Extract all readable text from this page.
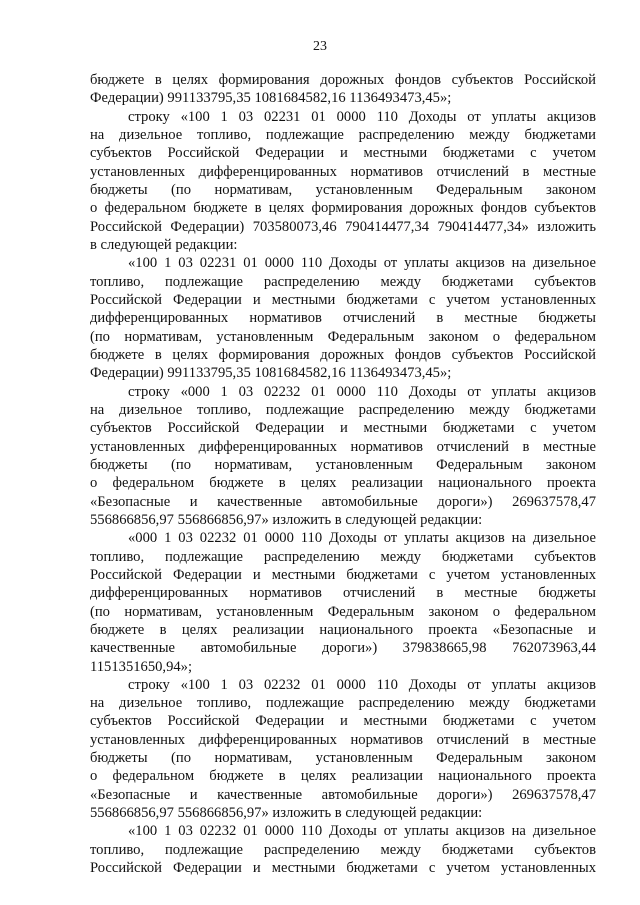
23
бюджете в целях формирования дорожных фондов субъектов Российской
Федерации) 991133795,35 1081684582,16 1136493473,45»;
строку «100 1 03 02231 01 0000 110 Доходы от уплаты акцизов
на дизельное топливо, подлежащие распределению между бюджетами
субъектов Российской Федерации и местными бюджетами с учетом
установленных дифференцированных нормативов отчислений в местные
бюджеты (по нормативам, установленным Федеральным законом
о федеральном бюджете в целях формирования дорожных фондов субъектов
Российской Федерации) 703580073,46 790414477,34 790414477,34» изложить
в следующей редакции:
«100 1 03 02231 01 0000 110 Доходы от уплаты акцизов на дизельное
топливо, подлежащие распределению между бюджетами субъектов
Российской Федерации и местными бюджетами с учетом установленных
дифференцированных нормативов отчислений в местные бюджеты
(по нормативам, установленным Федеральным законом о федеральном
бюджете в целях формирования дорожных фондов субъектов Российской
Федерации) 991133795,35 1081684582,16 1136493473,45»;
строку «000 1 03 02232 01 0000 110 Доходы от уплаты акцизов
на дизельное топливо, подлежащие распределению между бюджетами
субъектов Российской Федерации и местными бюджетами с учетом
установленных дифференцированных нормативов отчислений в местные
бюджеты (по нормативам, установленным Федеральным законом
о федеральном бюджете в целях реализации национального проекта
«Безопасные и качественные автомобильные дороги») 269637578,47
556866856,97 556866856,97» изложить в следующей редакции:
«000 1 03 02232 01 0000 110 Доходы от уплаты акцизов на дизельное
топливо, подлежащие распределению между бюджетами субъектов
Российской Федерации и местными бюджетами с учетом установленных
дифференцированных нормативов отчислений в местные бюджеты
(по нормативам, установленным Федеральным законом о федеральном
бюджете в целях реализации национального проекта «Безопасные и
качественные автомобильные дороги») 379838665,98 762073963,44
1151351650,94»;
строку «100 1 03 02232 01 0000 110 Доходы от уплаты акцизов
на дизельное топливо, подлежащие распределению между бюджетами
субъектов Российской Федерации и местными бюджетами с учетом
установленных дифференцированных нормативов отчислений в местные
бюджеты (по нормативам, установленным Федеральным законом
о федеральном бюджете в целях реализации национального проекта
«Безопасные и качественные автомобильные дороги») 269637578,47
556866856,97 556866856,97» изложить в следующей редакции:
«100 1 03 02232 01 0000 110 Доходы от уплаты акцизов на дизельное
топливо, подлежащие распределению между бюджетами субъектов
Российской Федерации и местными бюджетами с учетом установленных
